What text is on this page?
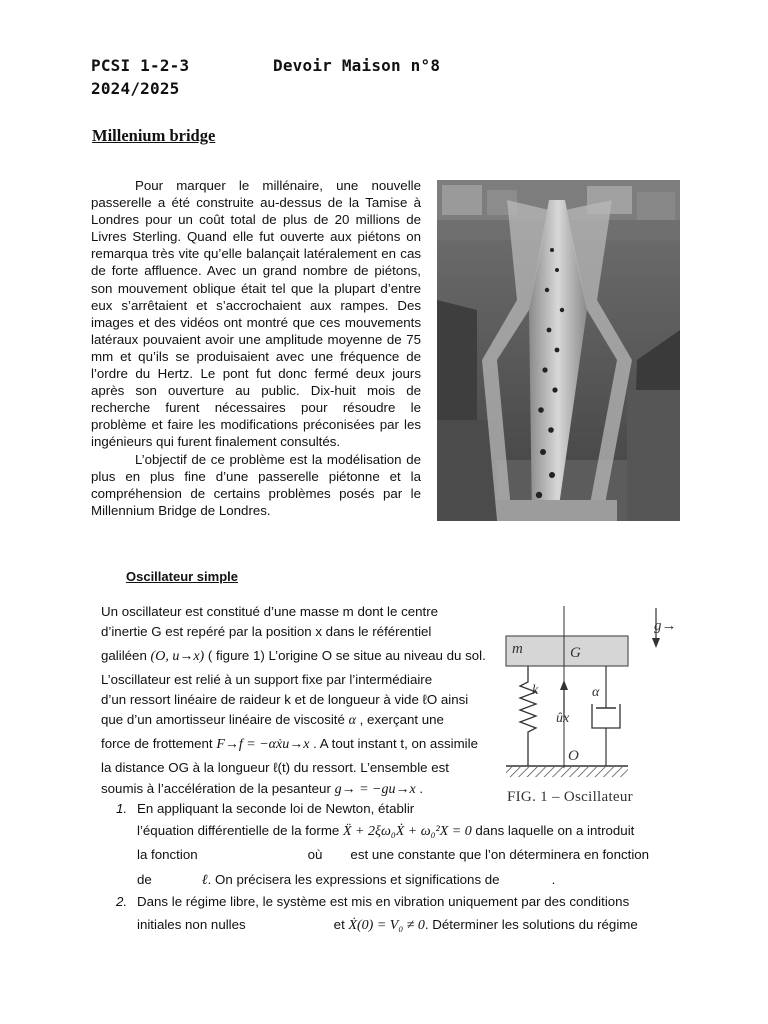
PCSI 1-2-3	Devoir Maison n°8
2024/2025
Millenium bridge

Pour marquer le millénaire, une nouvelle passerelle a été construite au-dessus de la Tamise à Londres pour un coût total de plus de 20 millions de Livres Sterling. Quand elle fut ouverte aux piétons on remarqua très vite qu’elle balançait latéralement en cas de forte affluence. Avec un grand nombre de piétons, son mouvement oblique était tel que la plupart d’entre eux s’arrêtaient et s’accrochaient aux rampes. Des images et des vidéos ont montré que ces mouvements latéraux pouvaient avoir une amplitude moyenne de 75 mm et qu’ils se produisaient avec une fréquence de l’ordre du Hertz. Le pont fut donc fermé deux jours après son ouverture au public. Dix-huit mois de recherche furent nécessaires pour résoudre le problème et faire les modifications préconisées par les ingénieurs qui furent finalement consultés.

L’objectif de ce problème est la modélisation de plus en plus fine d’une passerelle piétonne et la compréhension de certains problèmes posés par le Millennium Bridge de Londres.

Oscillateur simple
Un oscillateur est constitué d’une masse m dont le centre
d’inertie G est repéré par la position x dans le référentiel
galiléen (O, u→x) ( figure 1) L’origine O se situe au niveau du sol.
L’oscillateur est relié à un support fixe par l’intermédiaire
d’un ressort linéaire de raideur k et de longueur à vide ℓO ainsi
que d’un amortisseur linéaire de viscosité α , exerçant une
force de frottement F→f = −αẋu→x . A tout instant t, on assimile
la distance OG à la longueur ℓ(t) du ressort. L’ensemble est
soumis à l’accélération de la pesanteur g→ = −gu→x .
1. En appliquant la seconde loi de Newton, établir
l’équation différentielle de la forme Ẍ + 2ξω₀Ẋ + ω₀²X = 0 dans laquelle on a introduit
la fonction	où est une constante que l’on déterminera en fonction
de	ℓ. On précisera les expressions et significations de	.
2. Dans le régime libre, le système est mis en vibration uniquement par des conditions
initiales non nulles	et Ẋ(0) = V₀ ≠ 0. Déterminer les solutions du régime
m	G
k	α
ûx
O
g→
FIG. 1 – Oscillateur
